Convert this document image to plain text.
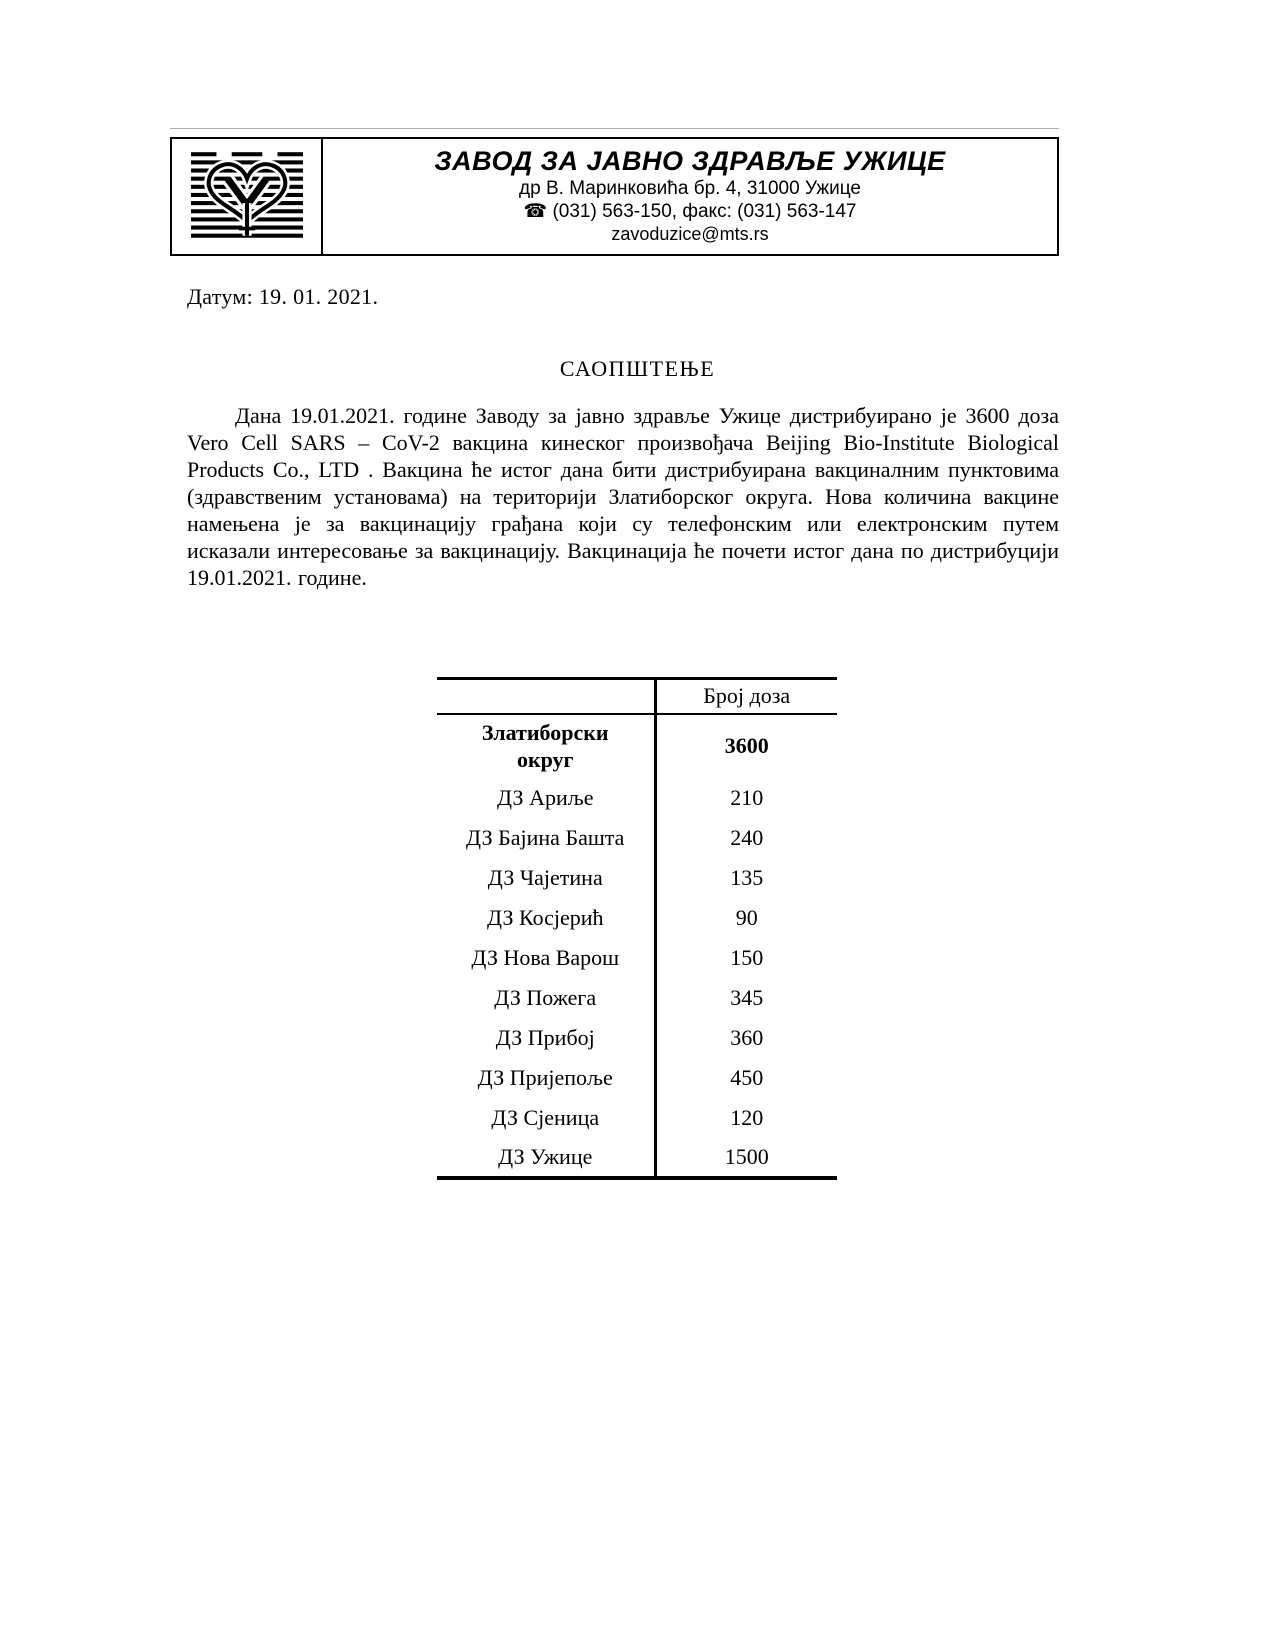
ЗАВОД ЗА ЈАВНО ЗДРАВЉЕ УЖИЦЕ
др В. Маринковића бр. 4, 31000 Ужице
☎ (031) 563-150, факс: (031) 563-147
zavoduzice@mts.rs
Датум: 19. 01. 2021.
САОПШТЕЊЕ

Дана 19.01.2021. године Заводу за јавно здравље Ужице дистрибуирано је 3600 доза Vero Cell SARS – CoV-2 вакцина кинеског произвођача Beijing Bio-Institute Biological Products Co., LTD . Вакцина ће истог дана бити дистрибуирана вакциналним пунктовима (здравственим установама) на територији Златиборског округа. Нова количина вакцине намењена је за вакцинацију грађана који су телефонским или електронским путем исказали интересовање за вакцинацију. Вакцинација ће почети истог дана по дистрибуцији 19.01.2021. године.

	Број доза
Златиборски округ	3600
ДЗ Ариље	210
ДЗ Бајина Башта	240
ДЗ Чајетина	135
ДЗ Косјерић	90
ДЗ Нова Варош	150
ДЗ Пожега	345
ДЗ Прибој	360
ДЗ Пријепоље	450
ДЗ Сјеница	120
ДЗ Ужице	1500
